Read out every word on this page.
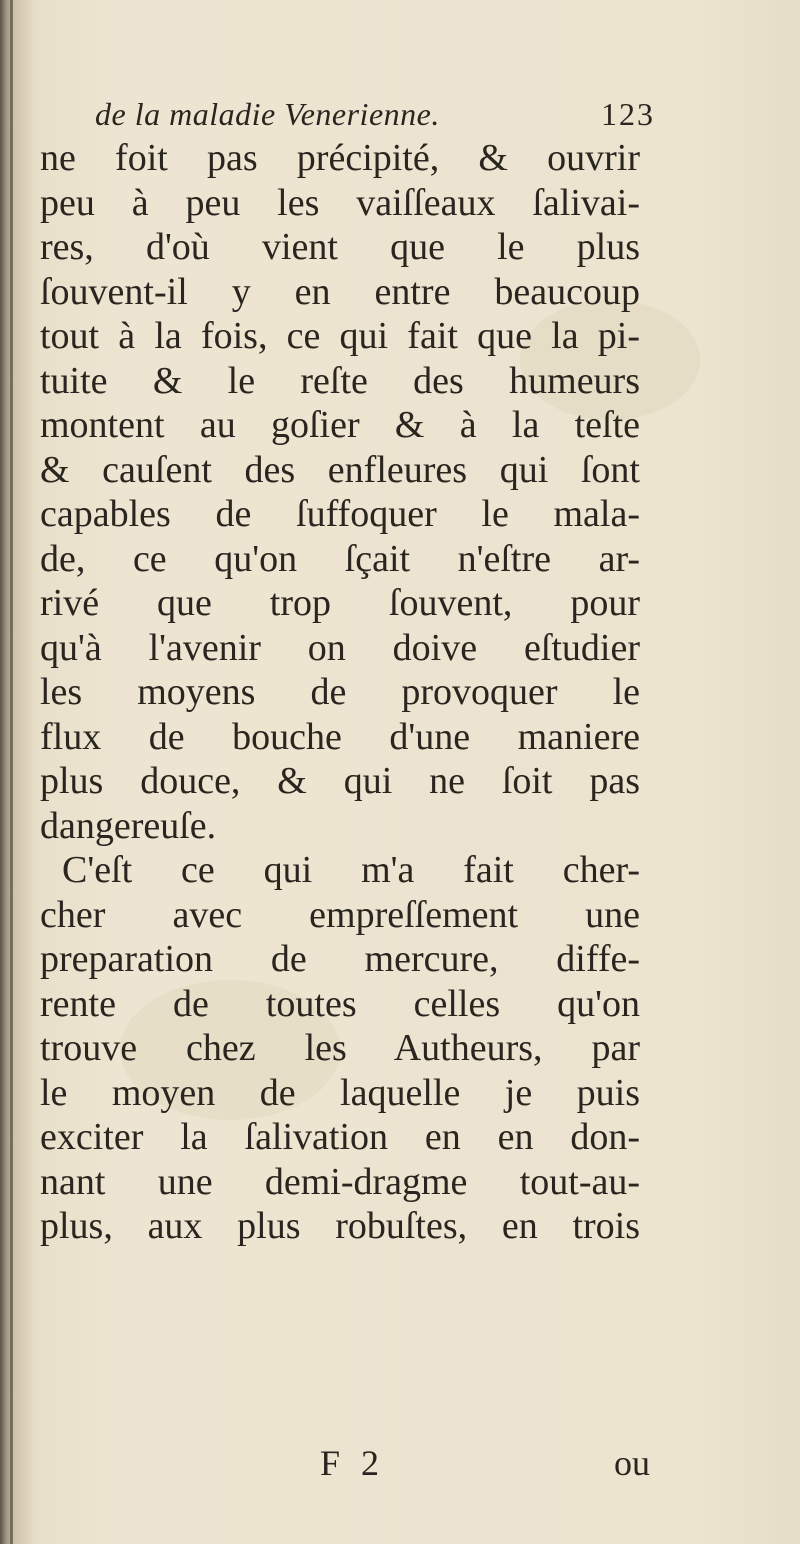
de la maladie Venerienne.	123
ne foit pas précipité, & ouvrir
peu à peu les vaiſſeaux ſalivai-
res, d'où vient que le plus
ſouvent-il y en entre beaucoup
tout à la fois, ce qui fait que la pi-
tuite & le reſte des humeurs
montent au goſier & à la teſte
& cauſent des enfleures qui ſont
capables de ſuffoquer le mala-
de, ce qu'on ſçait n'eſtre ar-
rivé que trop ſouvent, pour
qu'à l'avenir on doive eſtudier
les moyens de provoquer le
flux de bouche d'une maniere
plus douce, & qui ne ſoit pas
dangereuſe.
C'eſt ce qui m'a fait cher-
cher avec empreſſement une
preparation de mercure, diffe-
rente de toutes celles qu'on
trouve chez les Autheurs, par
le moyen de laquelle je puis
exciter la ſalivation en en don-
nant une demi-dragme tout-au-
plus, aux plus robuſtes, en trois
F 2	ou
